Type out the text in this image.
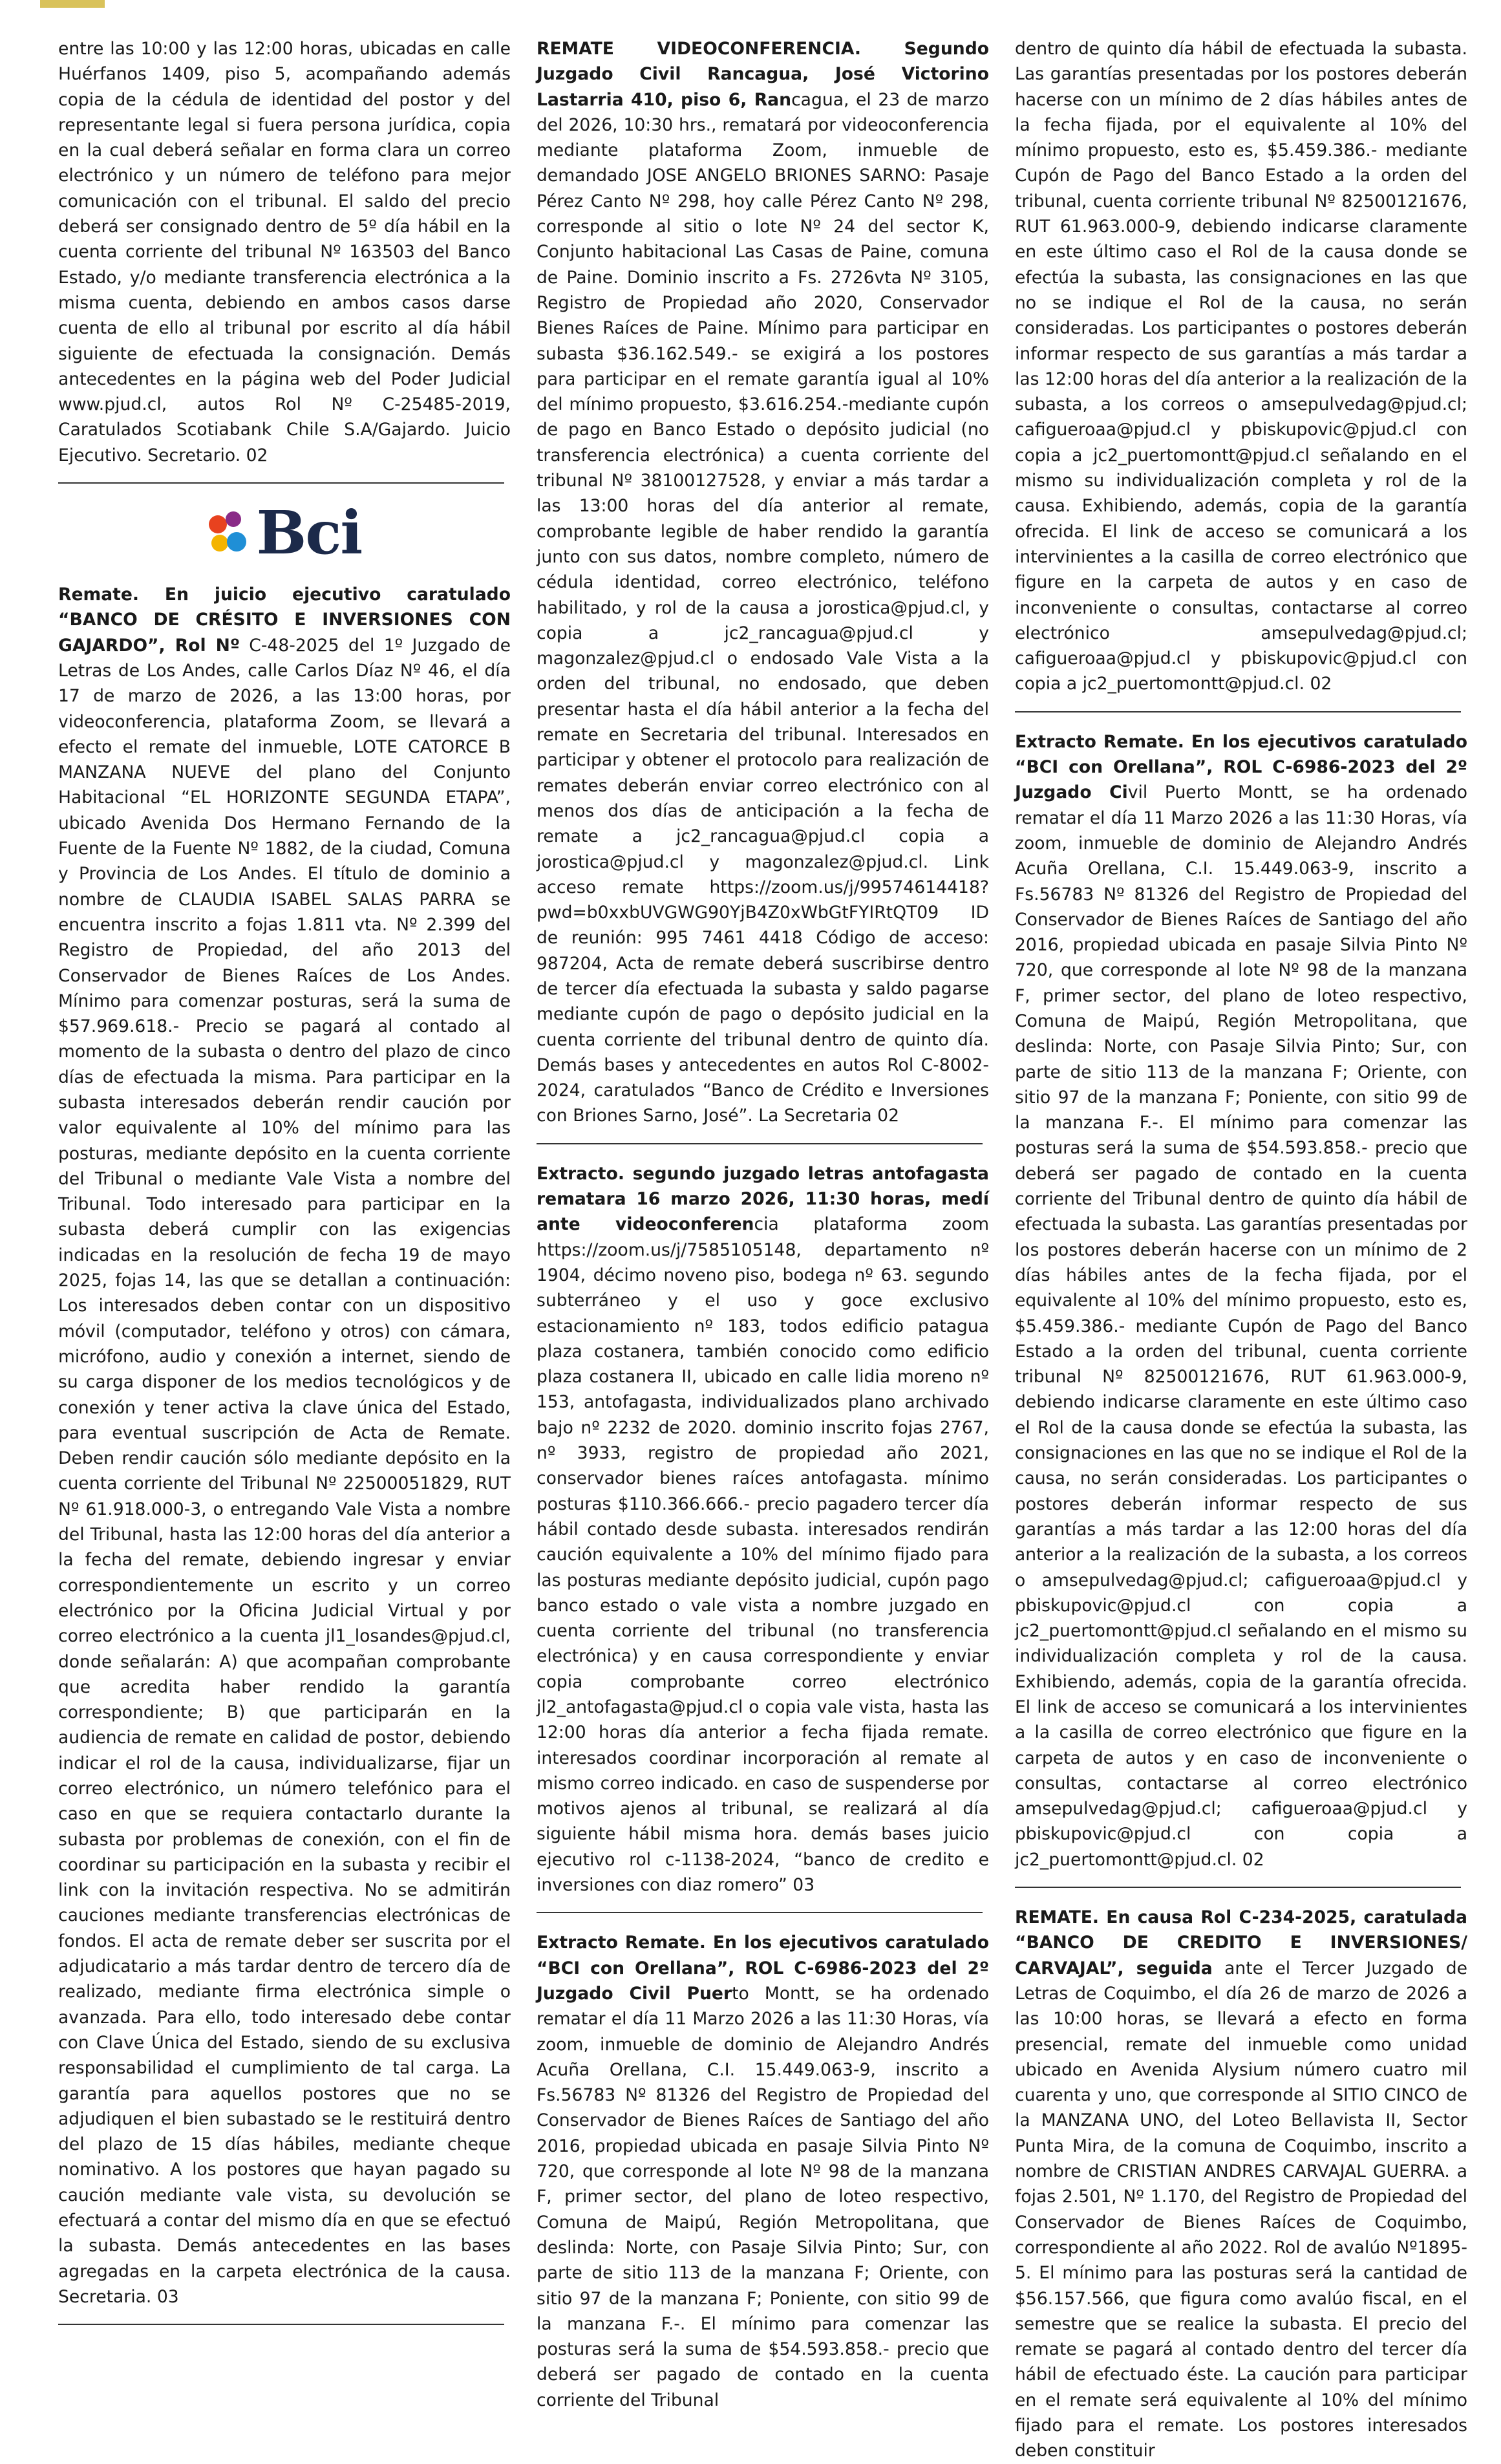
entre las 10:00 y las 12:00 horas, ubicadas en calle Huérfanos 1409, piso 5, acompañando además copia de la cédula de identidad del postor y del representante legal si fuera persona jurídica, copia en la cual deberá señalar en forma clara un correo electrónico y un número de teléfono para mejor comunicación con el tribunal. El saldo del precio deberá ser consignado dentro de 5º día hábil en la cuenta corriente del tribunal Nº 163503 del Banco Estado, y/o mediante transferencia electrónica a la misma cuenta, debiendo en ambos casos darse cuenta de ello al tribunal por escrito al día hábil siguiente de efectuada la consignación. Demás antecedentes en la página web del Poder Judicial www.pjud.cl, autos Rol Nº C-25485-2019, Caratulados Scotiabank Chile S.A/Gajardo. Juicio Ejecutivo. Secretario. 02

Bci

Remate. En juicio ejecutivo caratulado “BANCO DE CRÉSITO E INVERSIONES CON GAJARDO”, Rol Nº C-48-2025 del 1º Juzgado de Letras de Los Andes, calle Carlos Díaz Nº 46, el día 17 de marzo de 2026, a las 13:00 horas, por videoconferencia, plataforma Zoom, se llevará a efecto el remate del inmueble, LOTE CATORCE B MANZANA NUEVE del plano del Conjunto Habitacional “EL HORIZONTE SEGUNDA ETAPA”, ubicado Avenida Dos Hermano Fernando de la Fuente de la Fuente Nº 1882, de la ciudad, Comuna y Provincia de Los Andes. El título de dominio a nombre de CLAUDIA ISABEL SALAS PARRA se encuentra inscrito a fojas 1.811 vta. Nº 2.399 del Registro de Propiedad, del año 2013 del Conservador de Bienes Raíces de Los Andes. Mínimo para comenzar posturas, será la suma de $57.969.618.- Precio se pagará al contado al momento de la subasta o dentro del plazo de cinco días de efectuada la misma. Para participar en la subasta interesados deberán rendir caución por valor equivalente al 10% del mínimo para las posturas, mediante depósito en la cuenta corriente del Tribunal o mediante Vale Vista a nombre del Tribunal. Todo interesado para participar en la subasta deberá cumplir con las exigencias indicadas en la resolución de fecha 19 de mayo 2025, fojas 14, las que se detallan a continuación: Los interesados deben contar con un dispositivo móvil (computador, teléfono y otros) con cámara, micrófono, audio y conexión a internet, siendo de su carga disponer de los medios tecnológicos y de conexión y tener activa la clave única del Estado, para eventual suscripción de Acta de Remate. Deben rendir caución sólo mediante depósito en la cuenta corriente del Tribunal Nº 22500051829, RUT Nº 61.918.000-3, o entregando Vale Vista a nombre del Tribunal, hasta las 12:00 horas del día anterior a la fecha del remate, debiendo ingresar y enviar correspondientemente un escrito y un correo electrónico por la Oficina Judicial Virtual y por correo electrónico a la cuenta jl1_losandes@pjud.cl, donde señalarán: A) que acompañan comprobante que acredita haber rendido la garantía correspondiente; B) que participarán en la audiencia de remate en calidad de postor, debiendo indicar el rol de la causa, individualizarse, fijar un correo electrónico, un número telefónico para el caso en que se requiera contactarlo durante la subasta por problemas de conexión, con el fin de coordinar su participación en la subasta y recibir el link con la invitación respectiva. No se admitirán cauciones mediante transferencias electrónicas de fondos. El acta de remate deber ser suscrita por el adjudicatario a más tardar dentro de tercero día de realizado, mediante firma electrónica simple o avanzada. Para ello, todo interesado debe contar con Clave Única del Estado, siendo de su exclusiva responsabilidad el cumplimiento de tal carga. La garantía para aquellos postores que no se adjudiquen el bien subastado se le restituirá dentro del plazo de 15 días hábiles, mediante cheque nominativo. A los postores que hayan pagado su caución mediante vale vista, su devolución se efectuará a contar del mismo día en que se efectuó la subasta. Demás antecedentes en las bases agregadas en la carpeta electrónica de la causa. Secretaria. 03

REMATE VIDEOCONFERENCIA. Segundo Juzgado Civil Rancagua, José Victorino Lastarria 410, piso 6, Rancagua, el 23 de marzo del 2026, 10:30 hrs., rematará por videoconferencia mediante plataforma Zoom, inmueble de demandado JOSE ANGELO BRIONES SARNO: Pasaje Pérez Canto Nº 298, hoy calle Pérez Canto Nº 298, corresponde al sitio o lote Nº 24 del sector K, Conjunto habitacional Las Casas de Paine, comuna de Paine. Dominio inscrito a Fs. 2726vta Nº 3105, Registro de Propiedad año 2020, Conservador Bienes Raíces de Paine. Mínimo para participar en subasta $36.162.549.- se exigirá a los postores para participar en el remate garantía igual al 10% del mínimo propuesto, $3.616.254.-mediante cupón de pago en Banco Estado o depósito judicial (no transferencia electrónica) a cuenta corriente del tribunal Nº 38100127528, y enviar a más tardar a las 13:00 horas del día anterior al remate, comprobante legible de haber rendido la garantía junto con sus datos, nombre completo, número de cédula identidad, correo electrónico, teléfono habilitado, y rol de la causa a jorostica@pjud.cl, y copia a jc2_rancagua@pjud.cl y magonzalez@pjud.cl o endosado Vale Vista a la orden del tribunal, no endosado, que deben presentar hasta el día hábil anterior a la fecha del remate en Secretaria del tribunal. Interesados en participar y obtener el protocolo para realización de remates deberán enviar correo electrónico con al menos dos días de anticipación a la fecha de remate a jc2_rancagua@pjud.cl copia a jorostica@pjud.cl y magonzalez@pjud.cl. Link acceso remate https://zoom.us/j/99574614418?pwd=b0xxbUVGWG90YjB4Z0xWbGtFYIRtQT09 ID de reunión: 995 7461 4418 Código de acceso: 987204, Acta de remate deberá suscribirse dentro de tercer día efectuada la subasta y saldo pagarse mediante cupón de pago o depósito judicial en la cuenta corriente del tribunal dentro de quinto día. Demás bases y antecedentes en autos Rol C-8002-2024, caratulados “Banco de Crédito e Inversiones con Briones Sarno, José”. La Secretaria 02

Extracto. segundo juzgado letras antofagasta rematara 16 marzo 2026, 11:30 horas, medí ante videoconferencia plataforma zoom https://zoom.us/j/7585105148, departamento nº 1904, décimo noveno piso, bodega nº 63. segundo subterráneo y el uso y goce exclusivo estacionamiento nº 183, todos edificio patagua plaza costanera, también conocido como edificio plaza costanera II, ubicado en calle lidia moreno nº 153, antofagasta, individualizados plano archivado bajo nº 2232 de 2020. dominio inscrito fojas 2767, nº 3933, registro de propiedad año 2021, conservador bienes raíces antofagasta. mínimo posturas $110.366.666.- precio pagadero tercer día hábil contado desde subasta. interesados rendirán caución equivalente a 10% del mínimo fijado para las posturas mediante depósito judicial, cupón pago banco estado o vale vista a nombre juzgado en cuenta corriente del tribunal (no transferencia electrónica) y en causa correspondiente y enviar copia comprobante correo electrónico jl2_antofagasta@pjud.cl o copia vale vista, hasta las 12:00 horas día anterior a fecha fijada remate. interesados coordinar incorporación al remate al mismo correo indicado. en caso de suspenderse por motivos ajenos al tribunal, se realizará al día siguiente hábil misma hora. demás bases juicio ejecutivo rol c-1138-2024, “banco de credito e inversiones con diaz romero” 03

Extracto Remate. En los ejecutivos caratulado “BCI con Orellana”, ROL C-6986-2023 del 2º Juzgado Civil Puerto Montt, se ha ordenado rematar el día 11 Marzo 2026 a las 11:30 Horas, vía zoom, inmueble de dominio de Alejandro Andrés Acuña Orellana, C.I. 15.449.063-9, inscrito a Fs.56783 Nº 81326 del Registro de Propiedad del Conservador de Bienes Raíces de Santiago del año 2016, propiedad ubicada en pasaje Silvia Pinto Nº 720, que corresponde al lote Nº 98 de la manzana F, primer sector, del plano de loteo respectivo, Comuna de Maipú, Región Metropolitana, que deslinda: Norte, con Pasaje Silvia Pinto; Sur, con parte de sitio 113 de la manzana F; Oriente, con sitio 97 de la manzana F; Poniente, con sitio 99 de la manzana F.-. El mínimo para comenzar las posturas será la suma de $54.593.858.- precio que deberá ser pagado de contado en la cuenta corriente del Tribunal

dentro de quinto día hábil de efectuada la subasta. Las garantías presentadas por los postores deberán hacerse con un mínimo de 2 días hábiles antes de la fecha fijada, por el equivalente al 10% del mínimo propuesto, esto es, $5.459.386.- mediante Cupón de Pago del Banco Estado a la orden del tribunal, cuenta corriente tribunal Nº 82500121676, RUT 61.963.000-9, debiendo indicarse claramente en este último caso el Rol de la causa donde se efectúa la subasta, las consignaciones en las que no se indique el Rol de la causa, no serán consideradas. Los participantes o postores deberán informar respecto de sus garantías a más tardar a las 12:00 horas del día anterior a la realización de la subasta, a los correos o amsepulvedag@pjud.cl; cafigueroaa@pjud.cl y pbiskupovic@pjud.cl con copia a jc2_puertomontt@pjud.cl señalando en el mismo su individualización completa y rol de la causa. Exhibiendo, además, copia de la garantía ofrecida. El link de acceso se comunicará a los intervinientes a la casilla de correo electrónico que figure en la carpeta de autos y en caso de inconveniente o consultas, contactarse al correo electrónico amsepulvedag@pjud.cl; cafigueroaa@pjud.cl y pbiskupovic@pjud.cl con copia a jc2_puertomontt@pjud.cl. 02

Extracto Remate. En los ejecutivos caratulado “BCI con Orellana”, ROL C-6986-2023 del 2º Juzgado Civil Puerto Montt, se ha ordenado rematar el día 11 Marzo 2026 a las 11:30 Horas, vía zoom, inmueble de dominio de Alejandro Andrés Acuña Orellana, C.I. 15.449.063-9, inscrito a Fs.56783 Nº 81326 del Registro de Propiedad del Conservador de Bienes Raíces de Santiago del año 2016, propiedad ubicada en pasaje Silvia Pinto Nº 720, que corresponde al lote Nº 98 de la manzana F, primer sector, del plano de loteo respectivo, Comuna de Maipú, Región Metropolitana, que deslinda: Norte, con Pasaje Silvia Pinto; Sur, con parte de sitio 113 de la manzana F; Oriente, con sitio 97 de la manzana F; Poniente, con sitio 99 de la manzana F.-. El mínimo para comenzar las posturas será la suma de $54.593.858.- precio que deberá ser pagado de contado en la cuenta corriente del Tribunal dentro de quinto día hábil de efectuada la subasta. Las garantías presentadas por los postores deberán hacerse con un mínimo de 2 días hábiles antes de la fecha fijada, por el equivalente al 10% del mínimo propuesto, esto es, $5.459.386.- mediante Cupón de Pago del Banco Estado a la orden del tribunal, cuenta corriente tribunal Nº 82500121676, RUT 61.963.000-9, debiendo indicarse claramente en este último caso el Rol de la causa donde se efectúa la subasta, las consignaciones en las que no se indique el Rol de la causa, no serán consideradas. Los participantes o postores deberán informar respecto de sus garantías a más tardar a las 12:00 horas del día anterior a la realización de la subasta, a los correos o amsepulvedag@pjud.cl; cafigueroaa@pjud.cl y pbiskupovic@pjud.cl con copia a jc2_puertomontt@pjud.cl señalando en el mismo su individualización completa y rol de la causa. Exhibiendo, además, copia de la garantía ofrecida. El link de acceso se comunicará a los intervinientes a la casilla de correo electrónico que figure en la carpeta de autos y en caso de inconveniente o consultas, contactarse al correo electrónico amsepulvedag@pjud.cl; cafigueroaa@pjud.cl y pbiskupovic@pjud.cl con copia a jc2_puertomontt@pjud.cl. 02

REMATE. En causa Rol C-234-2025, caratulada “BANCO DE CREDITO E INVERSIONES/ CARVAJAL”, seguida ante el Tercer Juzgado de Letras de Coquimbo, el día 26 de marzo de 2026 a las 10:00 horas, se llevará a efecto en forma presencial, remate del inmueble como unidad ubicado en Avenida Alysium número cuatro mil cuarenta y uno, que corresponde al SITIO CINCO de la MANZANA UNO, del Loteo Bellavista II, Sector Punta Mira, de la comuna de Coquimbo, inscrito a nombre de CRISTIAN ANDRES CARVAJAL GUERRA. a fojas 2.501, Nº 1.170, del Registro de Propiedad del Conservador de Bienes Raíces de Coquimbo, correspondiente al año 2022. Rol de avalúo Nº1895-5. El mínimo para las posturas será la cantidad de $56.157.566, que figura como avalúo fiscal, en el semestre que se realice la subasta. El precio del remate se pagará al contado dentro del tercer día hábil de efectuado éste. La caución para participar en el remate será equivalente al 10% del mínimo fijado para el remate. Los postores interesados deben constituir
